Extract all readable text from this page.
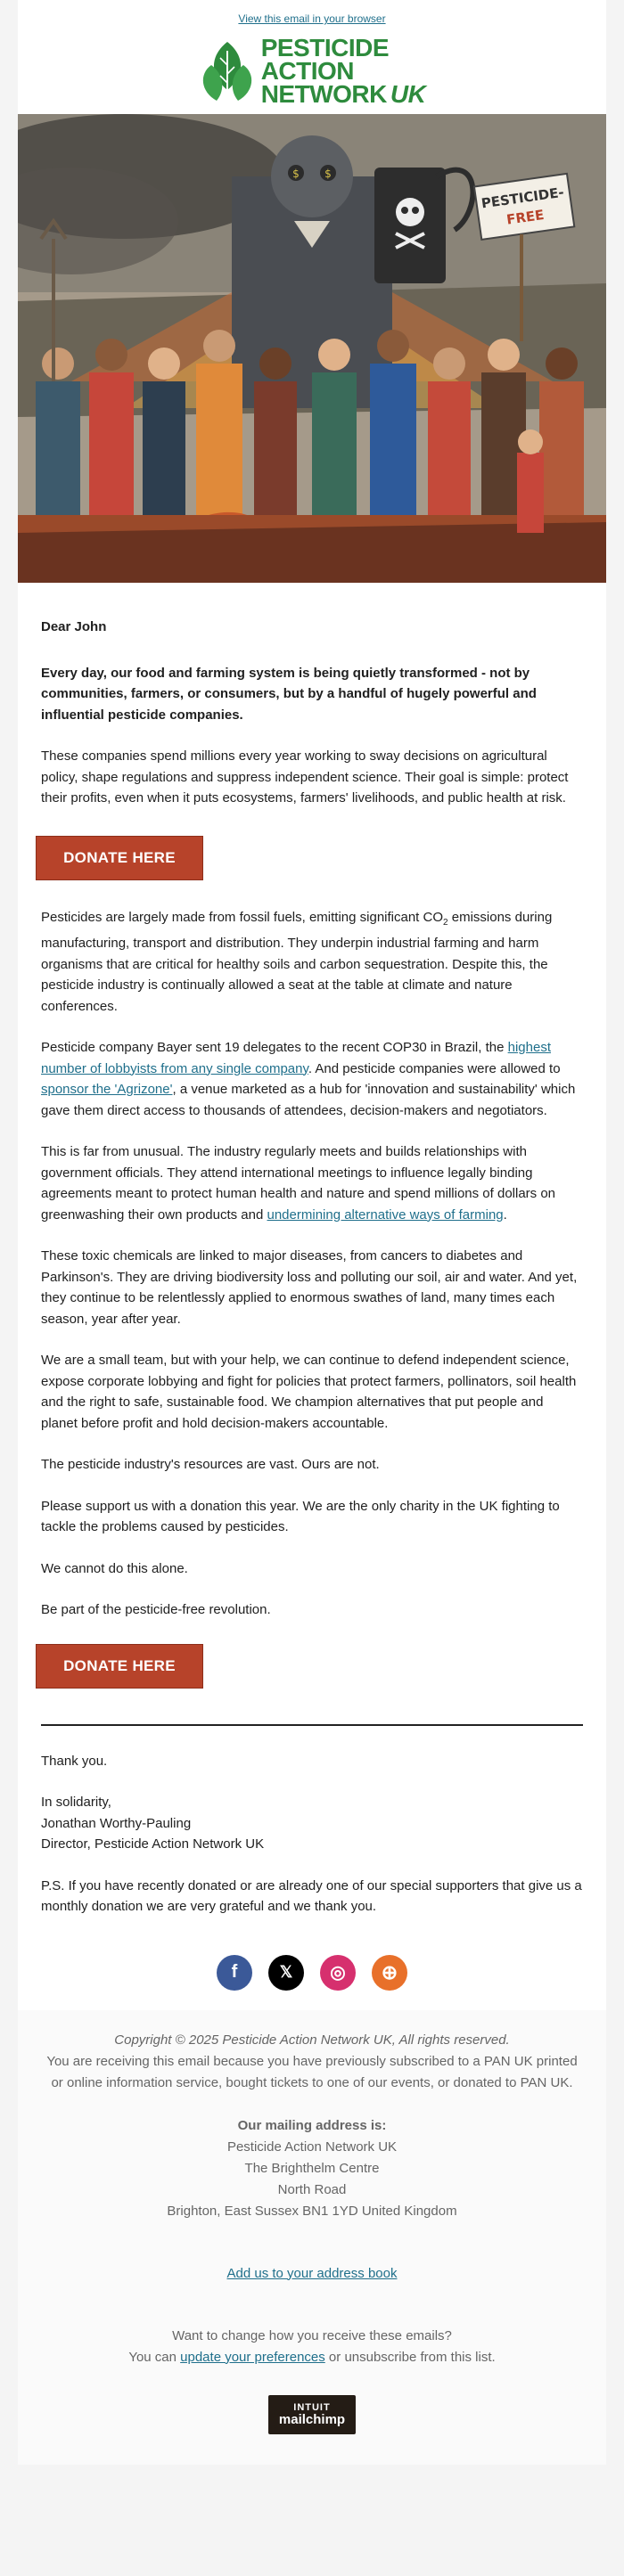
View this email in your browser
PESTICIDE
ACTION
NETWORK UK
$ $
PESTICIDE-
FREE

Dear John

Every day, our food and farming system is being quietly transformed - not by communities, farmers, or consumers, but by a handful of hugely powerful and influential pesticide companies.

These companies spend millions every year working to sway decisions on agricultural policy, shape regulations and suppress independent science. Their goal is simple: protect their profits, even when it puts ecosystems, farmers' livelihoods, and public health at risk.

DONATE HERE

Pesticides are largely made from fossil fuels, emitting significant $CO_2$ emissions during manufacturing, transport and distribution. They underpin industrial farming and harm organisms that are critical for healthy soils and carbon sequestration. Despite this, the pesticide industry is continually allowed a seat at the table at climate and nature conferences.

Pesticide company Bayer sent 19 delegates to the recent COP30 in Brazil, the highest number of lobbyists from any single company. And pesticide companies were allowed to sponsor the 'Agrizone', a venue marketed as a hub for 'innovation and sustainability' which gave them direct access to thousands of attendees, decision-makers and negotiators.

This is far from unusual. The industry regularly meets and builds relationships with government officials. They attend international meetings to influence legally binding agreements meant to protect human health and nature and spend millions of dollars on greenwashing their own products and undermining alternative ways of farming.

These toxic chemicals are linked to major diseases, from cancers to diabetes and Parkinson's. They are driving biodiversity loss and polluting our soil, air and water. And yet, they continue to be relentlessly applied to enormous swathes of land, many times each season, year after year.

We are a small team, but with your help, we can continue to defend independent science, expose corporate lobbying and fight for policies that protect farmers, pollinators, soil health and the right to safe, sustainable food. We champion alternatives that put people and planet before profit and hold decision-makers accountable.

The pesticide industry's resources are vast. Ours are not.

Please support us with a donation this year. We are the only charity in the UK fighting to tackle the problems caused by pesticides.

We cannot do this alone.

Be part of the pesticide-free revolution.

DONATE HERE

Thank you.

In solidarity,

Jonathan Worthy-Pauling

Director, Pesticide Action Network UK

P.S. If you have recently donated or are already one of our special supporters that give us a monthly donation we are very grateful and we thank you.

f	𝕏	◎	⊕

Copyright © 2025 Pesticide Action Network UK, All rights reserved.

You are receiving this email because you have previously subscribed to a PAN UK printed or online information service, bought tickets to one of our events, or donated to PAN UK.

Our mailing address is:

Pesticide Action Network UK

The Brighthelm Centre

North Road

Brighton, East Sussex BN1 1YD United Kingdom

Add us to your address book

Want to change how you receive these emails?

You can update your preferences or unsubscribe from this list.

INTUIT
mailchimp
